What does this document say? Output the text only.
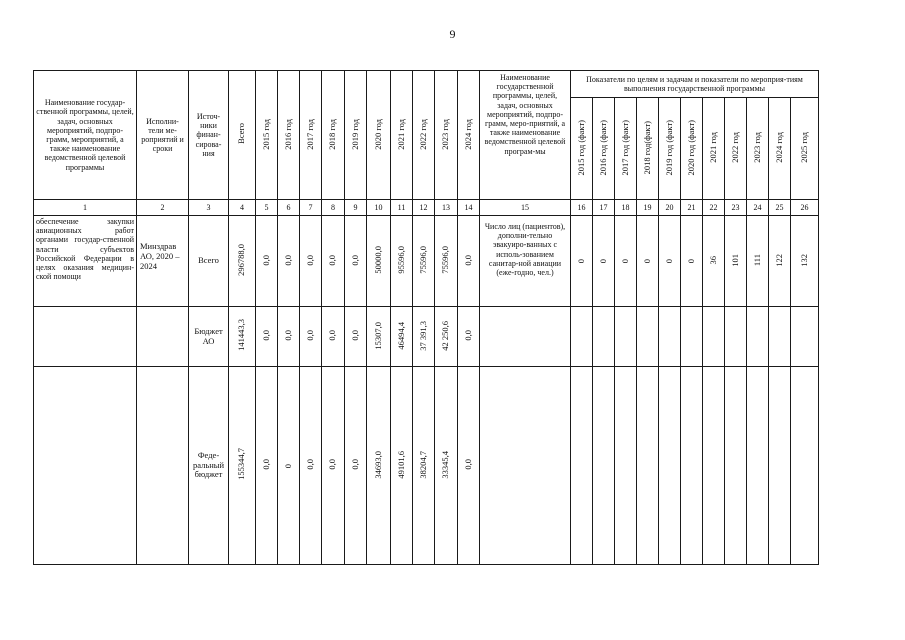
9
Наименование государ-ственной программы, целей, задач, основных мероприятий, подпро-грамм, мероприятий, а также наименование ведомственной целевой программы	Исполни-тели ме-роприятий и сроки	Источ-ники финан-сирова-ния	Всего	2015 год	2016 год	2017 год	2018 год	2019 год	2020 год	2021 год	2022 год	2023 год	2024 год	Наименование государственной программы, целей, задач, основных мероприятий, подпро-грамм, меро-приятий, а также наименование ведомственной целевой програм-мы	Показатели по целям и задачам и показатели по мероприя-тиям выполнения государственной программы										
															2015 год (факт)	2016 год (факт)	2017 год (факт)	2018 год(факт)	2019 год (факт)	2020 год (факт)	2021 год	2022 год	2023 год	2024 год	2025 год
1	2	3	4	5	6	7	8	9	10	11	12	13	14	15	16	17	18	19	20	21	22	23	24	25	26
обеспечение закупки авиационных работ органами государ-ственной власти субъектов Российской Федерации в целях оказания медицин-ской помощи	Минздрав АО, 2020 – 2024	Всего	296788,0	0,0	0,0	0,0	0,0	0,0	50000,0	95596,0	75596,0	75596,0	0,0	Число лиц (пациентов), дополни-тельно эвакуиро-ванных с исполь-зованием санитар-ной авиации (еже-годно, чел.)	0	0	0	0	0	0	36	101	111	122	132
		Бюджет АО	141443,3	0,0	0,0	0,0	0,0	0,0	15307,0	46494,4	37 391,3	42 250,6	0,0												
		Феде-ральный бюджет	155344,7	0,0	0	0,0	0,0	0,0	34693,0	49101,6	38204,7	33345,4	0,0												
